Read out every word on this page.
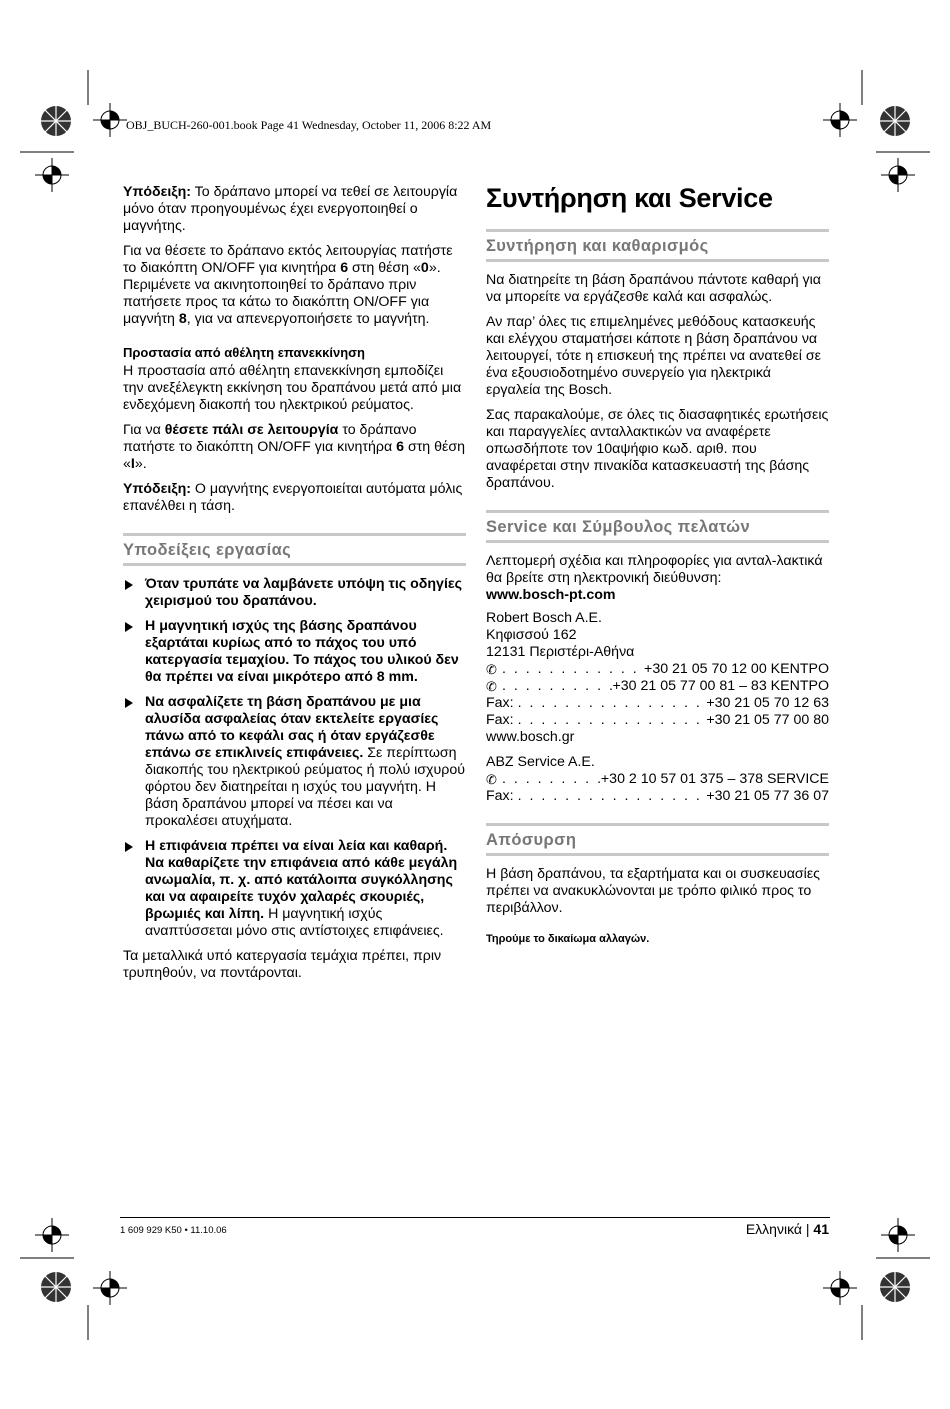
OBJ_BUCH-260-001.book Page 41 Wednesday, October 11, 2006 8:22 AM

Υπόδειξη: Το δράπανο μπορεί να τεθεί σε λειτουργία μόνο όταν προηγουμένως έχει ενεργοποιηθεί ο μαγνήτης.

Για να θέσετε το δράπανο εκτός λειτουργίας πατήστε το διακόπτη ON/OFF για κινητήρα 6 στη θέση «0».

Περιμένετε να ακινητοποιηθεί το δράπανο πριν πατήσετε προς τα κάτω το διακόπτη ON/OFF για μαγνήτη 8, για να απενεργοποιήσετε το μαγνήτη.

Προστασία από αθέλητη επανεκκίνηση

Η προστασία από αθέλητη επανεκκίνηση εμποδίζει την ανεξέλεγκτη εκκίνηση του δραπάνου μετά από μια ενδεχόμενη διακοπή του ηλεκτρικού ρεύματος.

Για να θέσετε πάλι σε λειτουργία το δράπανο πατήστε το διακόπτη ON/OFF για κινητήρα 6 στη θέση «I».

Υπόδειξη: Ο μαγνήτης ενεργοποιείται αυτόματα μόλις επανέλθει η τάση.

Υποδείξεις εργασίας
Όταν τρυπάτε να λαμβάνετε υπόψη τις οδηγίες χειρισμού του δραπάνου.
Η μαγνητική ισχύς της βάσης δραπάνου εξαρτάται κυρίως από το πάχος του υπό κατεργασία τεμαχίου. Το πάχος του υλικού δεν θα πρέπει να είναι μικρότερο από 8 mm.
Να ασφαλίζετε τη βάση δραπάνου με μια αλυσίδα ασφαλείας όταν εκτελείτε εργασίες πάνω από το κεφάλι σας ή όταν εργάζεσθε επάνω σε επικλινείς επιφάνειες. Σε περίπτωση διακοπής του ηλεκτρικού ρεύματος ή πολύ ισχυρού φόρτου δεν διατηρείται η ισχύς του μαγνήτη. Η βάση δραπάνου μπορεί να πέσει και να προκαλέσει ατυχήματα.
Η επιφάνεια πρέπει να είναι λεία και καθαρή. Να καθαρίζετε την επιφάνεια από κάθε μεγάλη ανωμαλία, π. χ. από κατάλοιπα συγκόλλησης και να αφαιρείτε τυχόν χαλαρές σκουριές, βρωμιές και λίπη. Η μαγνητική ισχύς αναπτύσσεται μόνο στις αντίστοιχες επιφάνειες.

Τα μεταλλικά υπό κατεργασία τεμάχια πρέπει, πριν τρυπηθούν, να ποντάρονται.

Συντήρηση και Service
Συντήρηση και καθαρισμός

Να διατηρείτε τη βάση δραπάνου πάντοτε καθαρή για να μπορείτε να εργάζεσθε καλά και ασφαλώς.

Αν παρ’ όλες τις επιμελημένες μεθόδους κατασκευής και ελέγχου σταματήσει κάποτε η βάση δραπάνου να λειτουργεί, τότε η επισκευή της πρέπει να ανατεθεί σε ένα εξουσιοδοτημένο συνεργείο για ηλεκτρικά εργαλεία της Bosch.

Σας παρακαλούμε, σε όλες τις διασαφητικές ερωτήσεις και παραγγελίες ανταλλακτικών να αναφέρετε οπωσδήποτε τον 10αψήφιο κωδ. αριθ. που αναφέρεται στην πινακίδα κατασκευαστή της βάσης δραπάνου.

Service και Σύμβουλος πελατών

Λεπτομερή σχέδια και πληροφορίες για ανταλ-λακτικά θα βρείτε στη ηλεκτρονική διεύθυνση:
www.bosch-pt.com

Robert Bosch A.E.
Κηφισσού 162
12131 Περιστέρι-Αθήνα
✆ . . .	+30 21 05 70 12 00 ΚΕΝΤΡΟ
✆ . . .	+30 21 05 77 00 81 – 83 ΚΕΝΤΡΟ
Fax: . . .	+30 21 05 70 12 63
Fax: . . .	+30 21 05 77 00 80
www.bosch.gr
ABZ Service A.E.
✆ . . .	+30 2 10 57 01 375 – 378 SERVICE
Fax: . . .	+30 21 05 77 36 07
Απόσυρση

Η βάση δραπάνου, τα εξαρτήματα και οι συσκευασίες πρέπει να ανακυκλώνονται με τρόπο φιλικό προς το περιβάλλον.

Τηρούμε το δικαίωμα αλλαγών.
1 609 929 K50 • 11.10.06	Ελληνικά | 41
